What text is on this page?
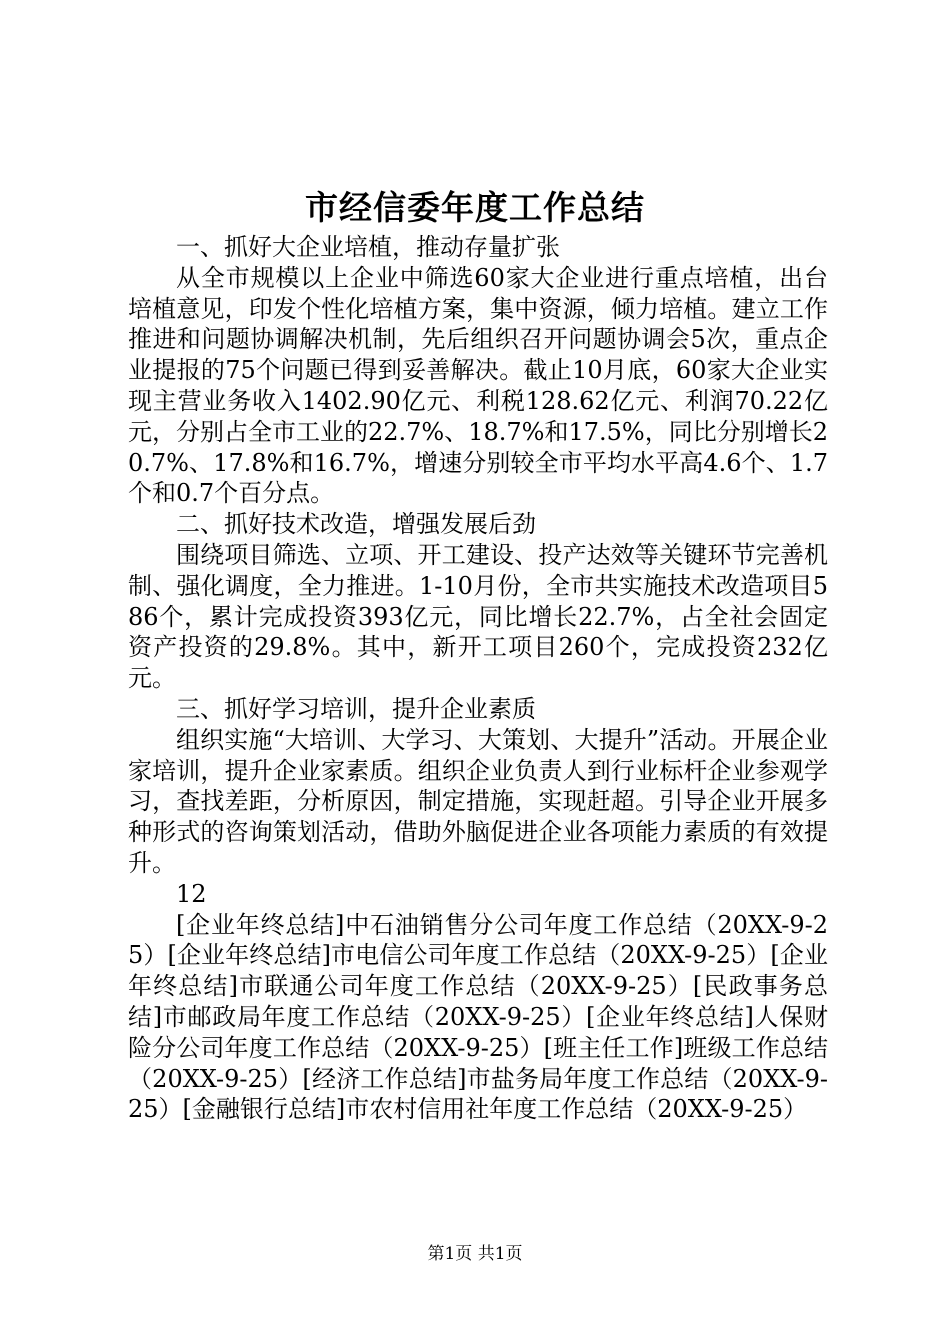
市经信委年度工作总结

一、抓好大企业培植，推动存量扩张

从全市规模以上企业中筛选60家大企业进行重点培植，出台培植意见，印发个性化培植方案，集中资源，倾力培植。建立工作推进和问题协调解决机制，先后组织召开问题协调会5次，重点企业提报的75个问题已得到妥善解决。截止10月底，60家大企业实现主营业务收入1402.90亿元、利税128.62亿元、利润70.22亿元，分别占全市工业的22.7%、18.7%和17.5%，同比分别增长20.7%、17.8%和16.7%，增速分别较全市平均水平高4.6个、1.7个和0.7个百分点。

二、抓好技术改造，增强发展后劲

围绕项目筛选、立项、开工建设、投产达效等关键环节完善机制、强化调度，全力推进。1-10月份，全市共实施技术改造项目586个，累计完成投资393亿元，同比增长22.7%，占全社会固定资产投资的29.8%。其中，新开工项目260个，完成投资232亿元。

三、抓好学习培训，提升企业素质

组织实施“大培训、大学习、大策划、大提升”活动。开展企业家培训，提升企业家素质。组织企业负责人到行业标杆企业参观学习，查找差距，分析原因，制定措施，实现赶超。引导企业开展多种形式的咨询策划活动，借助外脑促进企业各项能力素质的有效提升。

12

[企业年终总结]中石油销售分公司年度工作总结（20XX-9-25）[企业年终总结]市电信公司年度工作总结（20XX-9-25）[企业年终总结]市联通公司年度工作总结（20XX-9-25）[民政事务总结]市邮政局年度工作总结（20XX-9-25）[企业年终总结]人保财险分公司年度工作总结（20XX-9-25）[班主任工作]班级工作总结（20XX-9-25）[经济工作总结]市盐务局年度工作总结（20XX-9-25）[金融银行总结]市农村信用社年度工作总结（20XX-9-25）

第1页 共1页
